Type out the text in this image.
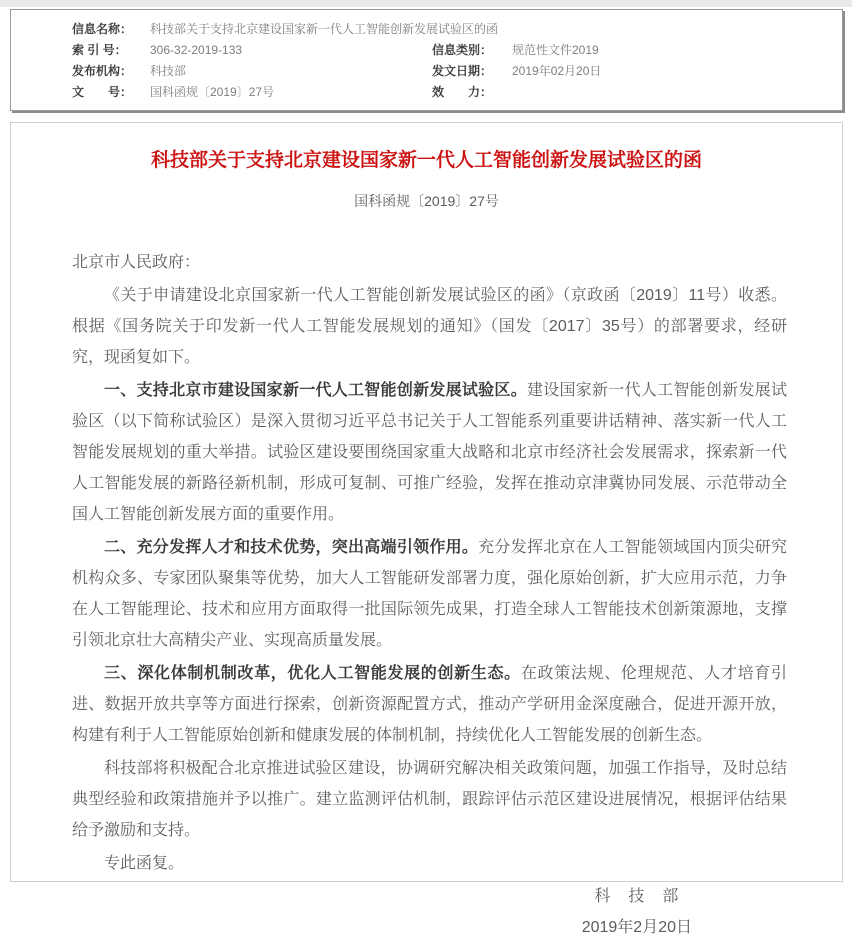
信息名称：	科技部关于支持北京建设国家新一代人工智能创新发展试验区的函		
索 引 号：	306-32-2019-133	信息类别：	规范性文件2019
发布机构：	科技部	发文日期：	2019年02月20日
文　　号：	国科函规〔2019〕27号	效　　力：	
科技部关于支持北京建设国家新一代人工智能创新发展试验区的函
国科函规〔2019〕27号

北京市人民政府：

《关于申请建设北京国家新一代人工智能创新发展试验区的函》（京政函〔2019〕11号）收悉。根据《国务院关于印发新一代人工智能发展规划的通知》（国发〔2017〕35号）的部署要求，经研究，现函复如下。

一、支持北京市建设国家新一代人工智能创新发展试验区。建设国家新一代人工智能创新发展试验区（以下简称试验区）是深入贯彻习近平总书记关于人工智能系列重要讲话精神、落实新一代人工智能发展规划的重大举措。试验区建设要围绕国家重大战略和北京市经济社会发展需求，探索新一代人工智能发展的新路径新机制，形成可复制、可推广经验，发挥在推动京津冀协同发展、示范带动全国人工智能创新发展方面的重要作用。

二、充分发挥人才和技术优势，突出高端引领作用。充分发挥北京在人工智能领域国内顶尖研究机构众多、专家团队聚集等优势，加大人工智能研发部署力度，强化原始创新，扩大应用示范，力争在人工智能理论、技术和应用方面取得一批国际领先成果，打造全球人工智能技术创新策源地，支撑引领北京壮大高精尖产业、实现高质量发展。

三、深化体制机制改革，优化人工智能发展的创新生态。在政策法规、伦理规范、人才培育引进、数据开放共享等方面进行探索，创新资源配置方式，推动产学研用金深度融合，促进开源开放，构建有利于人工智能原始创新和健康发展的体制机制，持续优化人工智能发展的创新生态。

科技部将积极配合北京推进试验区建设，协调研究解决相关政策问题，加强工作指导，及时总结典型经验和政策措施并予以推广。建立监测评估机制，跟踪评估示范区建设进展情况，根据评估结果给予激励和支持。

专此函复。

科　技　部
2019年2月20日
